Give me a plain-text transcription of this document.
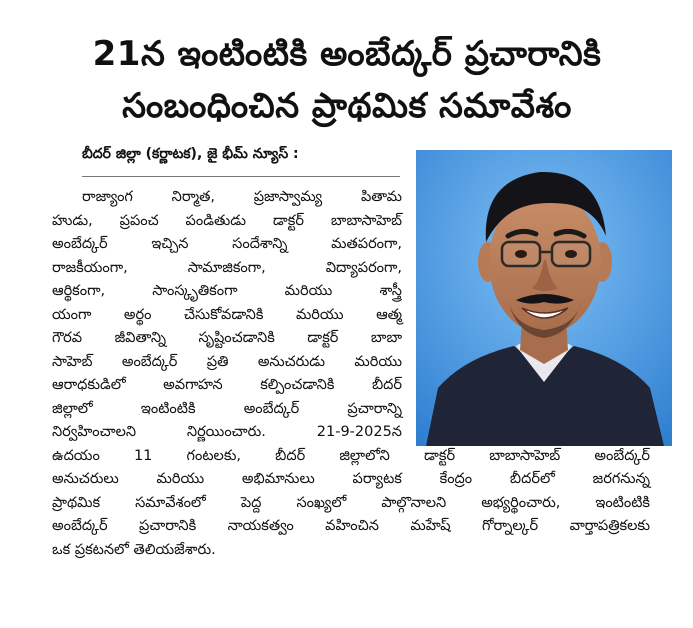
21న ఇంటింటికి అంబేద్కర్ ప్రచారానికి
సంబంధించిన ప్రాథమిక సమావేశం
బీదర్ జిల్లా (కర్ణాటక), జై భీమ్ న్యూస్ :
రాజ్యాంగ నిర్మాత, ప్రజాస్వామ్య పితామ
హుడు, ప్రపంచ పండితుడు డాక్టర్ బాబాసాహెబ్
అంబేద్కర్ ఇచ్చిన సందేశాన్ని మతపరంగా,
రాజకీయంగా, సామాజికంగా, విద్యాపరంగా,
ఆర్థికంగా, సాంస్కృతికంగా మరియు శాస్త్రీ
యంగా అర్థం చేసుకోవడానికి మరియు ఆత్మ
గౌరవ జీవితాన్ని సృష్టించడానికి డాక్టర్ బాబా
సాహెబ్ అంబేద్కర్ ప్రతి అనుచరుడు మరియు
ఆరాధకుడిలో అవగాహన కల్పించడానికి బీదర్
జిల్లాలో ఇంటింటికి అంబేద్కర్ ప్రచారాన్ని
నిర్వహించాలని నిర్ణయించారు. 21-9-2025న
ఉదయం 11 గంటలకు, బీదర్ జిల్లాలోని డాక్టర్ బాబాసాహెబ్ అంబేద్కర్
అనుచరులు మరియు అభిమానులు పర్యాటక కేంద్రం బీదర్‌లో జరగనున్న
ప్రాథమిక సమావేశంలో పెద్ద సంఖ్యలో పాల్గొనాలని అభ్యర్థించారు, ఇంటింటికి
అంబేద్కర్ ప్రచారానికి నాయకత్వం వహించిన మహేష్ గోర్నాల్కర్ వార్తాపత్రికలకు
ఒక ప్రకటనలో తెలియజేశారు.
